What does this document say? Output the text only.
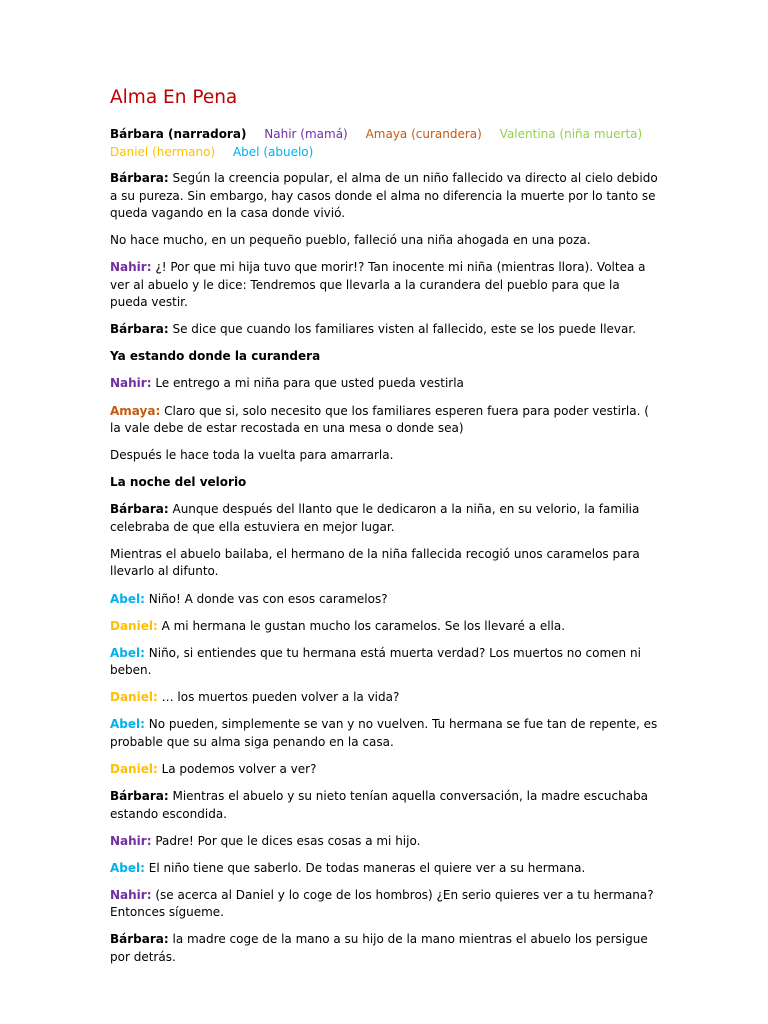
Alma En Pena
Bárbara (narradora) Nahir (mamá) Amaya (curandera) Valentina (niña muerta) Daniel (hermano) Abel (abuelo)

Bárbara: Según la creencia popular, el alma de un niño fallecido va directo al cielo debido a su pureza. Sin embargo, hay casos donde el alma no diferencia la muerte por lo tanto se queda vagando en la casa donde vivió.

No hace mucho, en un pequeño pueblo, falleció una niña ahogada en una poza.

Nahir: ¿! Por que mi hija tuvo que morir!? Tan inocente mi niña (mientras llora). Voltea a ver al abuelo y le dice: Tendremos que llevarla a la curandera del pueblo para que la pueda vestir.

Bárbara: Se dice que cuando los familiares visten al fallecido, este se los puede llevar.

Ya estando donde la curandera

Nahir: Le entrego a mi niña para que usted pueda vestirla

Amaya: Claro que si, solo necesito que los familiares esperen fuera para poder vestirla. ( la vale debe de estar recostada en una mesa o donde sea)

Después le hace toda la vuelta para amarrarla.

La noche del velorio

Bárbara: Aunque después del llanto que le dedicaron a la niña, en su velorio, la familia celebraba de que ella estuviera en mejor lugar.

Mientras el abuelo bailaba, el hermano de la niña fallecida recogió unos caramelos para llevarlo al difunto.

Abel: Niño! A donde vas con esos caramelos?

Daniel: A mi hermana le gustan mucho los caramelos. Se los llevaré a ella.

Abel: Niño, si entiendes que tu hermana está muerta verdad? Los muertos no comen ni beben.

Daniel: … los muertos pueden volver a la vida?

Abel: No pueden, simplemente se van y no vuelven. Tu hermana se fue tan de repente, es probable que su alma siga penando en la casa.

Daniel: La podemos volver a ver?

Bárbara: Mientras el abuelo y su nieto tenían aquella conversación, la madre escuchaba estando escondida.

Nahir: Padre! Por que le dices esas cosas a mi hijo.

Abel: El niño tiene que saberlo. De todas maneras el quiere ver a su hermana.

Nahir: (se acerca al Daniel y lo coge de los hombros) ¿En serio quieres ver a tu hermana? Entonces sígueme.

Bárbara: la madre coge de la mano a su hijo de la mano mientras el abuelo los persigue por detrás.
